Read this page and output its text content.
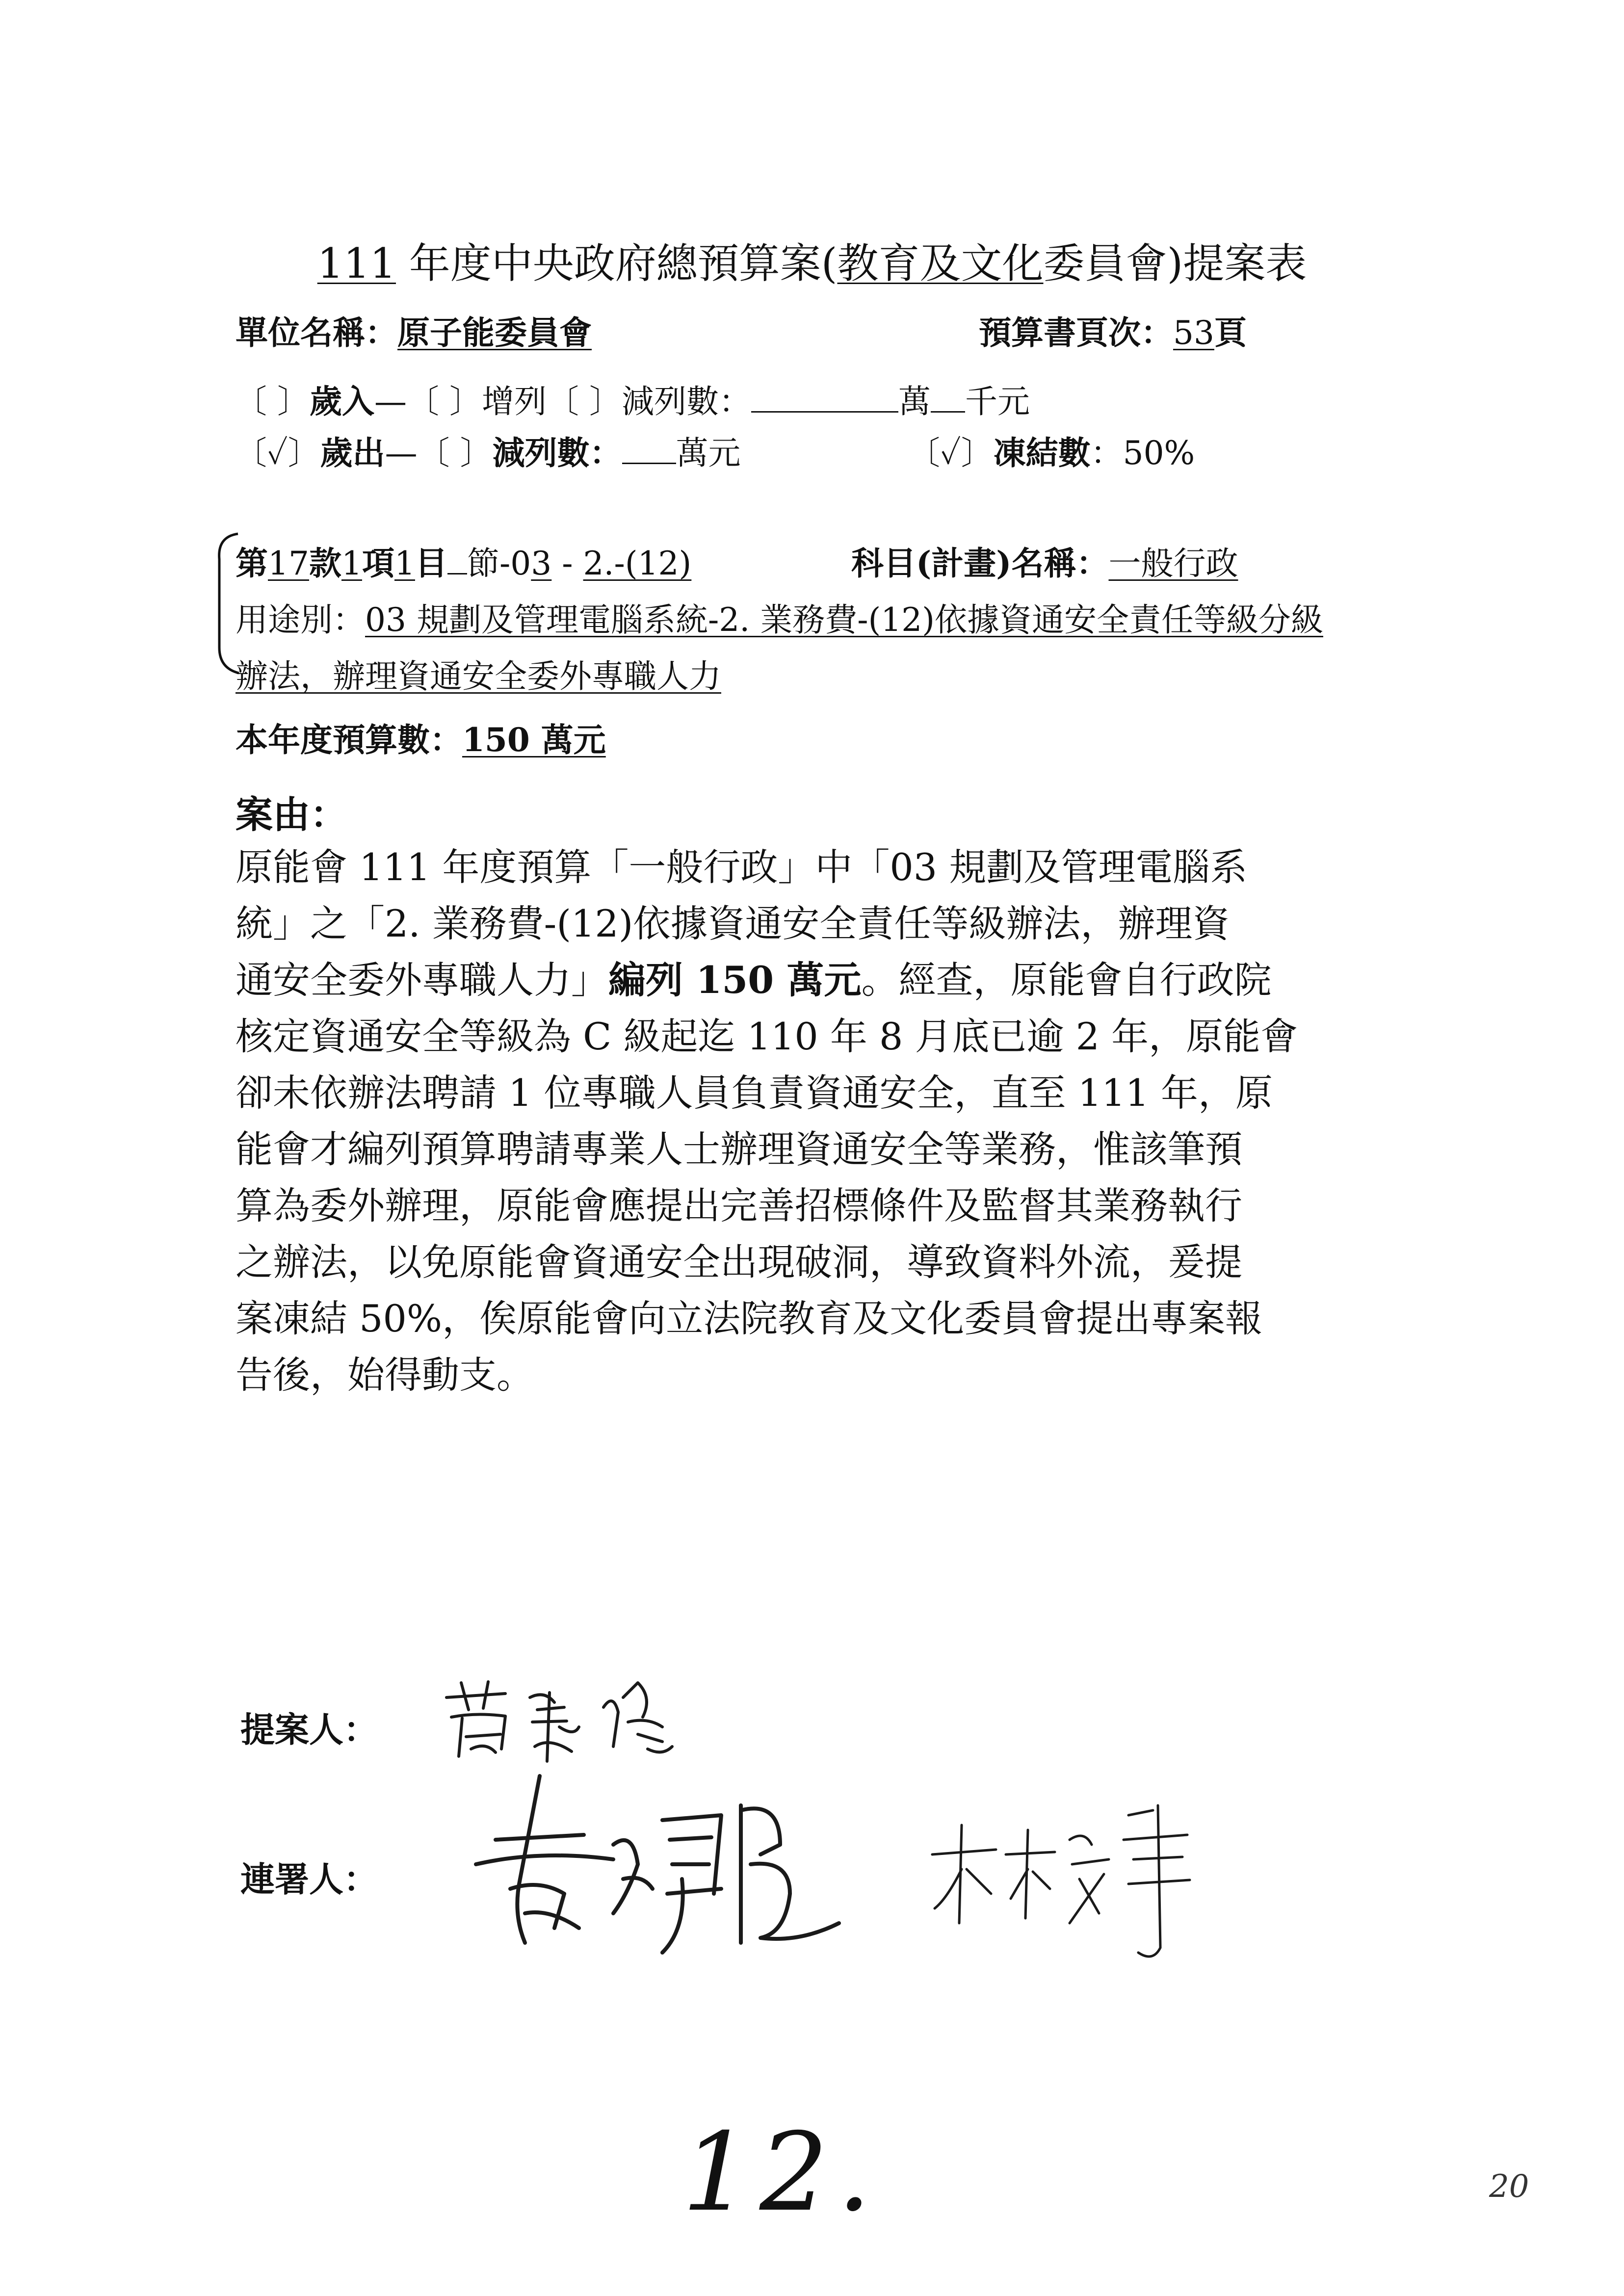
111 年度中央政府總預算案(教育及文化委員會)提案表
單位名稱：原子能委員會	預算書頁次：53頁
〔 〕歲入—〔 〕增列〔 〕減列數：	萬 千元
〔✓〕歲出—〔 〕減列數： 萬元	〔✓〕凍結數：50%
第17款1項1目 節-03 - 2.-(12)	科目(計畫)名稱：一般行政
用途別：03 規劃及管理電腦系統-2. 業務費-(12)依據資通安全責任等級分級
辦法，辦理資通安全委外專職人力
本年度預算數：150 萬元
案由：

原能會 111 年度預算「一般行政」中「03 規劃及管理電腦系

統」之「2. 業務費-(12)依據資通安全責任等級辦法，辦理資

通安全委外專職人力」編列 150 萬元。經查，原能會自行政院

核定資通安全等級為 C 級起迄 110 年 8 月底已逾 2 年，原能會

卻未依辦法聘請 1 位專職人員負責資通安全，直至 111 年，原

能會才編列預算聘請專業人士辦理資通安全等業務，惟該筆預

算為委外辦理，原能會應提出完善招標條件及監督其業務執行

之辦法，以免原能會資通安全出現破洞，導致資料外流，爰提

案凍結 50%，俟原能會向立法院教育及文化委員會提出專案報

告後，始得動支。

提案人：
連署人：
12.	20
